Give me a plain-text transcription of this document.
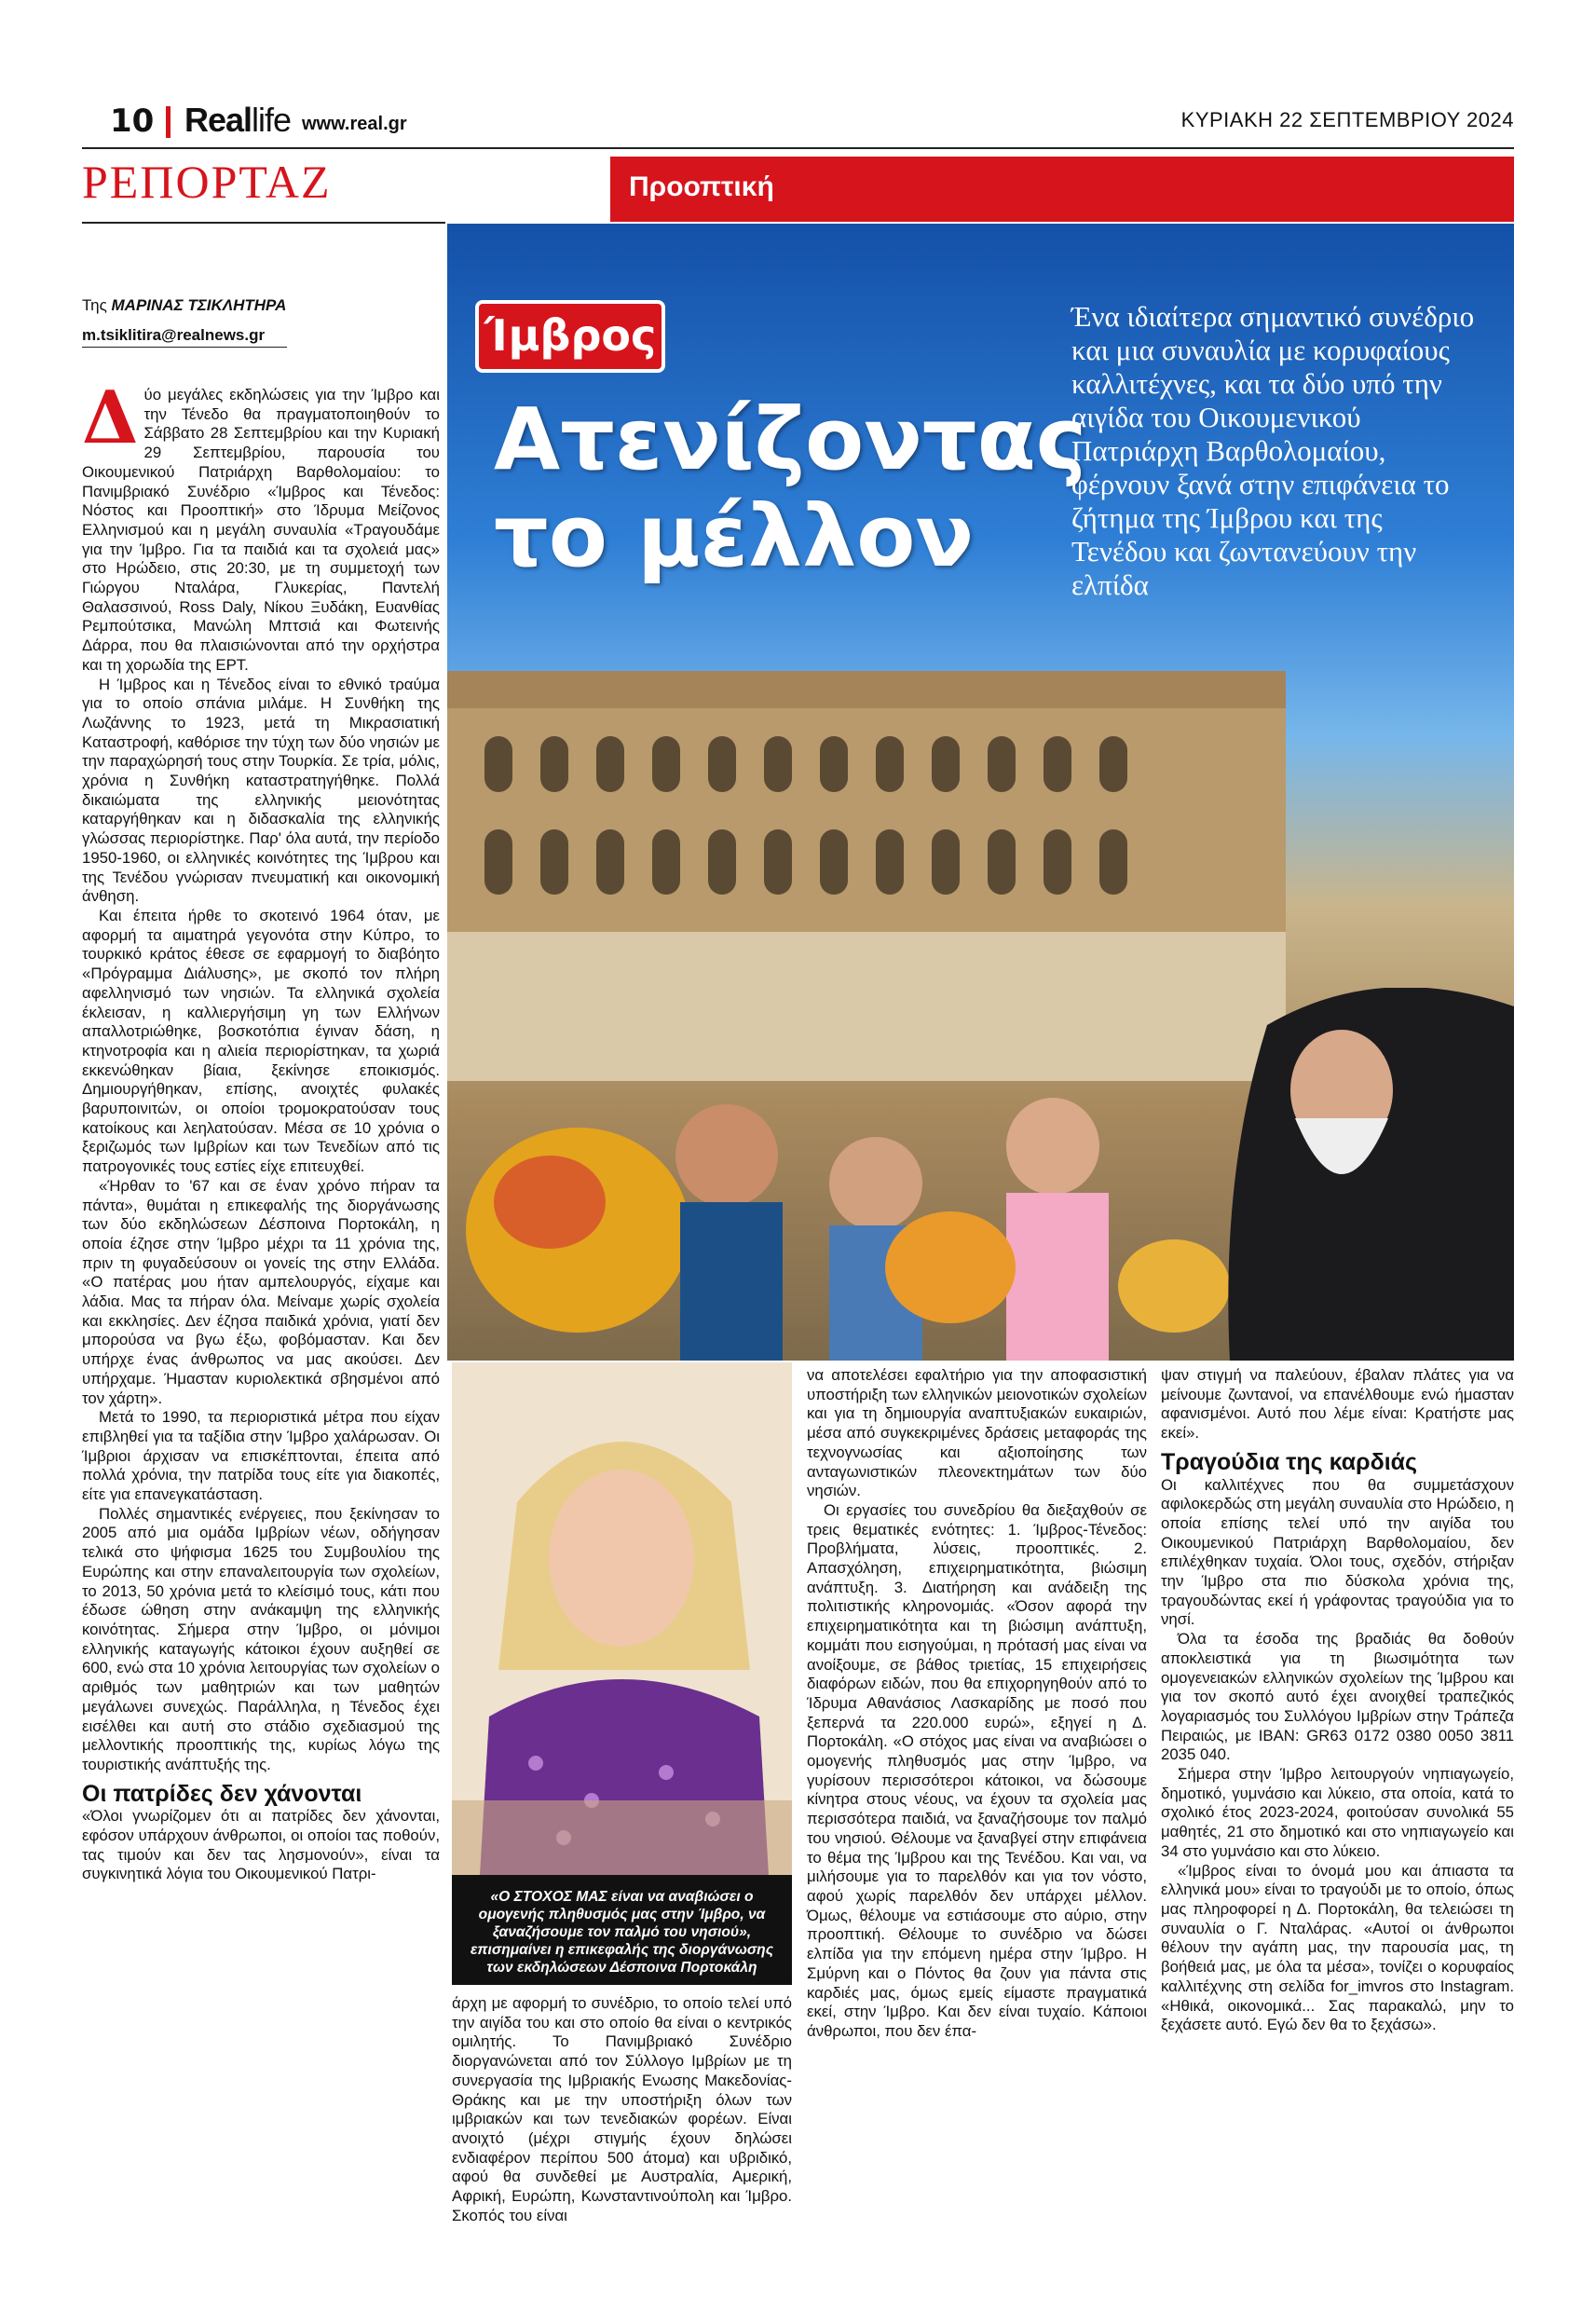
10 Reallife www.real.gr	ΚΥΡΙΑΚΗ 22 ΣΕΠΤΕΜΒΡΙΟΥ 2024
ΡΕΠΟΡΤΑΖ	Προοπτική
Ίμβρος
Ατενίζοντας
το μέλλον
Ένα ιδιαίτερα σημαντικό συνέδριο και μια συναυλία με κορυφαίους καλλιτέχνες, και τα δύο υπό την αιγίδα του Οικουμενικού Πατριάρχη Βαρθολομαίου, φέρνουν ξανά στην επιφάνεια το ζήτημα της Ίμβρου και της Τενέδου και ζωντανεύουν την ελπίδα
Της ΜΑΡΙΝΑΣ ΤΣΙΚΛΗΤΗΡΑ
m.tsiklitira@realnews.gr

Δύο μεγάλες εκδηλώσεις για την Ίμβρο και την Τένεδο θα πραγματοποιηθούν το Σάββατο 28 Σεπτεμβρίου και την Κυριακή 29 Σεπτεμβρίου, παρουσία του Οικουμενικού Πατριάρχη Βαρθολομαίου: το Πανιμβριακό Συνέδριο «Ίμβρος και Τένεδος: Νόστος και Προοπτική» στο Ίδρυμα Μείζονος Ελληνισμού και η μεγάλη συναυλία «Τραγουδάμε για την Ίμβρο. Για τα παιδιά και τα σχολειά μας» στο Ηρώδειο, στις 20:30, με τη συμμετοχή των Γιώργου Νταλάρα, Γλυκερίας, Παντελή Θαλασσινού, Ross Daly, Νίκου Ξυδάκη, Ευανθίας Ρεμπούτσικα, Μανώλη Μπτσιά και Φωτεινής Δάρρα, που θα πλαισιώνονται από την ορχήστρα και τη χορωδία της ΕΡΤ.

Η Ίμβρος και η Τένεδος είναι το εθνικό τραύμα για το οποίο σπάνια μιλάμε. Η Συνθήκη της Λωζάννης το 1923, μετά τη Μικρασιατική Καταστροφή, καθόρισε την τύχη των δύο νησιών με την παραχώρησή τους στην Τουρκία. Σε τρία, μόλις, χρόνια η Συνθήκη καταστρατηγήθηκε. Πολλά δικαιώματα της ελληνικής μειονότητας καταργήθηκαν και η διδασκαλία της ελληνικής γλώσσας περιορίστηκε. Παρ' όλα αυτά, την περίοδο 1950-1960, οι ελληνικές κοινότητες της Ίμβρου και της Τενέδου γνώρισαν πνευματική και οικονομική άνθηση.

Και έπειτα ήρθε το σκοτεινό 1964 όταν, με αφορμή τα αιματηρά γεγονότα στην Κύπρο, το τουρκικό κράτος έθεσε σε εφαρμογή το διαβόητο «Πρόγραμμα Διάλυσης», με σκοπό τον πλήρη αφελληνισμό των νησιών. Τα ελληνικά σχολεία έκλεισαν, η καλλιεργήσιμη γη των Ελλήνων απαλλοτριώθηκε, βοσκοτόπια έγιναν δάση, η κτηνοτροφία και η αλιεία περιορίστηκαν, τα χωριά εκκενώθηκαν βίαια, ξεκίνησε εποικισμός. Δημιουργήθηκαν, επίσης, ανοιχτές φυλακές βαρυποινιτών, οι οποίοι τρομοκρατούσαν τους κατοίκους και λεηλατούσαν. Μέσα σε 10 χρόνια ο ξεριζωμός των Ιμβρίων και των Τενεδίων από τις πατρογονικές τους εστίες είχε επιτευχθεί.

«Ήρθαν το '67 και σε έναν χρόνο πήραν τα πάντα», θυμάται η επικεφαλής της διοργάνωσης των δύο εκδηλώσεων Δέσποινα Πορτοκάλη, η οποία έζησε στην Ίμβρο μέχρι τα 11 χρόνια της, πριν τη φυγαδεύσουν οι γονείς της στην Ελλάδα. «Ο πατέρας μου ήταν αμπελουργός, είχαμε και λάδια. Μας τα πήραν όλα. Μείναμε χωρίς σχολεία και εκκλησίες. Δεν έζησα παιδικά χρόνια, γιατί δεν μπορούσα να βγω έξω, φοβόμασταν. Και δεν υπήρχε ένας άνθρωπος να μας ακούσει. Δεν υπήρχαμε. Ήμασταν κυριολεκτικά σβησμένοι από τον χάρτη».

Μετά το 1990, τα περιοριστικά μέτρα που είχαν επιβληθεί για τα ταξίδια στην Ίμβρο χαλάρωσαν. Οι Ίμβριοι άρχισαν να επισκέπτονται, έπειτα από πολλά χρόνια, την πατρίδα τους είτε για διακοπές, είτε για επανεγκατάσταση.

Πολλές σημαντικές ενέργειες, που ξεκίνησαν το 2005 από μια ομάδα Ιμβρίων νέων, οδήγησαν τελικά στο ψήφισμα 1625 του Συμβουλίου της Ευρώπης και στην επαναλειτουργία των σχολείων, το 2013, 50 χρόνια μετά το κλείσιμό τους, κάτι που έδωσε ώθηση στην ανάκαμψη της ελληνικής κοινότητας. Σήμερα στην Ίμβρο, οι μόνιμοι ελληνικής καταγωγής κάτοικοι έχουν αυξηθεί σε 600, ενώ στα 10 χρόνια λειτουργίας των σχολείων ο αριθμός των μαθητριών και των μαθητών μεγάλωνει συνεχώς. Παράλληλα, η Τένεδος έχει εισέλθει και αυτή στο στάδιο σχεδιασμού της μελλοντικής προοπτικής της, κυρίως λόγω της τουριστικής ανάπτυξής της.

Οι πατρίδες δεν χάνονται

«Όλοι γνωρίζομεν ότι αι πατρίδες δεν χάνονται, εφόσον υπάρχουν άνθρωποι, οι οποίοι τας ποθούν, τας τιμούν και δεν τας λησμονούν», είναι τα συγκινητικά λόγια του Οικουμενικού Πατρι-

«Ο ΣΤΟΧΟΣ ΜΑΣ είναι να αναβιώσει ο ομογενής πληθυσμός μας στην Ίμβρο, να ξαναζήσουμε τον παλμό του νησιού», επισημαίνει η επικεφαλής της διοργάνωσης των εκδηλώσεων Δέσποινα Πορτοκάλη

άρχη με αφορμή το συνέδριο, το οποίο τελεί υπό την αιγίδα του και στο οποίο θα είναι ο κεντρικός ομιλητής. Το Πανιμβριακό Συνέδριο διοργανώνεται από τον Σύλλογο Ιμβρίων με τη συνεργασία της Ιμβριακής Ενωσης Μακεδονίας-Θράκης και με την υποστήριξη όλων των ιμβριακών και των τενεδιακών φορέων. Είναι ανοιχτό (μέχρι στιγμής έχουν δηλώσει ενδιαφέρον περίπου 500 άτομα) και υβριδικό, αφού θα συνδεθεί με Αυστραλία, Αμερική, Αφρική, Ευρώπη, Κωνσταντινούπολη και Ίμβρο. Σκοπός του είναι

να αποτελέσει εφαλτήριο για την αποφασιστική υποστήριξη των ελληνικών μειονοτικών σχολείων και για τη δημιουργία αναπτυξιακών ευκαιριών, μέσα από συγκεκριμένες δράσεις μεταφοράς της τεχνογνωσίας και αξιοποίησης των ανταγωνιστικών πλεονεκτημάτων των δύο νησιών.

Οι εργασίες του συνεδρίου θα διεξαχθούν σε τρεις θεματικές ενότητες: 1. Ίμβρος-Τένεδος: Προβλήματα, λύσεις, προοπτικές. 2. Απασχόληση, επιχειρηματικότητα, βιώσιμη ανάπτυξη. 3. Διατήρηση και ανάδειξη της πολιτιστικής κληρονομιάς. «Όσον αφορά την επιχειρηματικότητα και τη βιώσιμη ανάπτυξη, κομμάτι που εισηγούμαι, η πρότασή μας είναι να ανοίξουμε, σε βάθος τριετίας, 15 επιχειρήσεις διαφόρων ειδών, που θα επιχορηγηθούν από το Ίδρυμα Αθανάσιος Λασκαρίδης με ποσό που ξεπερνά τα 220.000 ευρώ», εξηγεί η Δ. Πορτοκάλη. «Ο στόχος μας είναι να αναβιώσει ο ομογενής πληθυσμός μας στην Ίμβρο, να γυρίσουν περισσότεροι κάτοικοι, να δώσουμε κίνητρα στους νέους, να έχουν τα σχολεία μας περισσότερα παιδιά, να ξαναζήσουμε τον παλμό του νησιού. Θέλουμε να ξαναβγεί στην επιφάνεια το θέμα της Ίμβρου και της Τενέδου. Και ναι, να μιλήσουμε για το παρελθόν και για τον νόστο, αφού χωρίς παρελθόν δεν υπάρχει μέλλον. Όμως, θέλουμε να εστιάσουμε στο αύριο, στην προοπτική. Θέλουμε το συνέδριο να δώσει ελπίδα για την επόμενη ημέρα στην Ίμβρο. Η Σμύρνη και ο Πόντος θα ζουν για πάντα στις καρδιές μας, όμως εμείς είμαστε πραγματικά εκεί, στην Ίμβρο. Και δεν είναι τυχαίο. Κάποιοι άνθρωποι, που δεν έπα-

ψαν στιγμή να παλεύουν, έβαλαν πλάτες για να μείνουμε ζωντανοί, να επανέλθουμε ενώ ήμασταν αφανισμένοι. Αυτό που λέμε είναι: Κρατήστε μας εκεί».

Τραγούδια της καρδιάς

Οι καλλιτέχνες που θα συμμετάσχουν αφιλοκερδώς στη μεγάλη συναυλία στο Ηρώδειο, η οποία επίσης τελεί υπό την αιγίδα του Οικουμενικού Πατριάρχη Βαρθολομαίου, δεν επιλέχθηκαν τυχαία. Όλοι τους, σχεδόν, στήριξαν την Ίμβρο στα πιο δύσκολα χρόνια της, τραγουδώντας εκεί ή γράφοντας τραγούδια για το νησί.

Όλα τα έσοδα της βραδιάς θα δοθούν αποκλειστικά για τη βιωσιμότητα των ομογενειακών ελληνικών σχολείων της Ίμβρου και για τον σκοπό αυτό έχει ανοιχθεί τραπεζικός λογαριασμός του Συλλόγου Ιμβρίων στην Τράπεζα Πειραιώς, με IBAN: GR63 0172 0380 0050 3811 2035 040.

Σήμερα στην Ίμβρο λειτουργούν νηπιαγωγείο, δημοτικό, γυμνάσιο και λύκειο, στα οποία, κατά το σχολικό έτος 2023-2024, φοιτούσαν συνολικά 55 μαθητές, 21 στο δημοτικό και στο νηπιαγωγείο και 34 στο γυμνάσιο και στο λύκειο.

«Ίμβρος είναι το όνομά μου και άπιαστα τα ελληνικά μου» είναι το τραγούδι με το οποίο, όπως μας πληροφορεί η Δ. Πορτοκάλη, θα τελειώσει τη συναυλία ο Γ. Νταλάρας. «Αυτοί οι άνθρωποι θέλουν την αγάπη μας, την παρουσία μας, τη βοήθειά μας, με όλα τα μέσα», τονίζει ο κορυφαίος καλλιτέχνης στη σελίδα for_imvros στο Instagram. «Ηθικά, οικονομικά... Σας παρακαλώ, μην το ξεχάσετε αυτό. Εγώ δεν θα το ξεχάσω».
